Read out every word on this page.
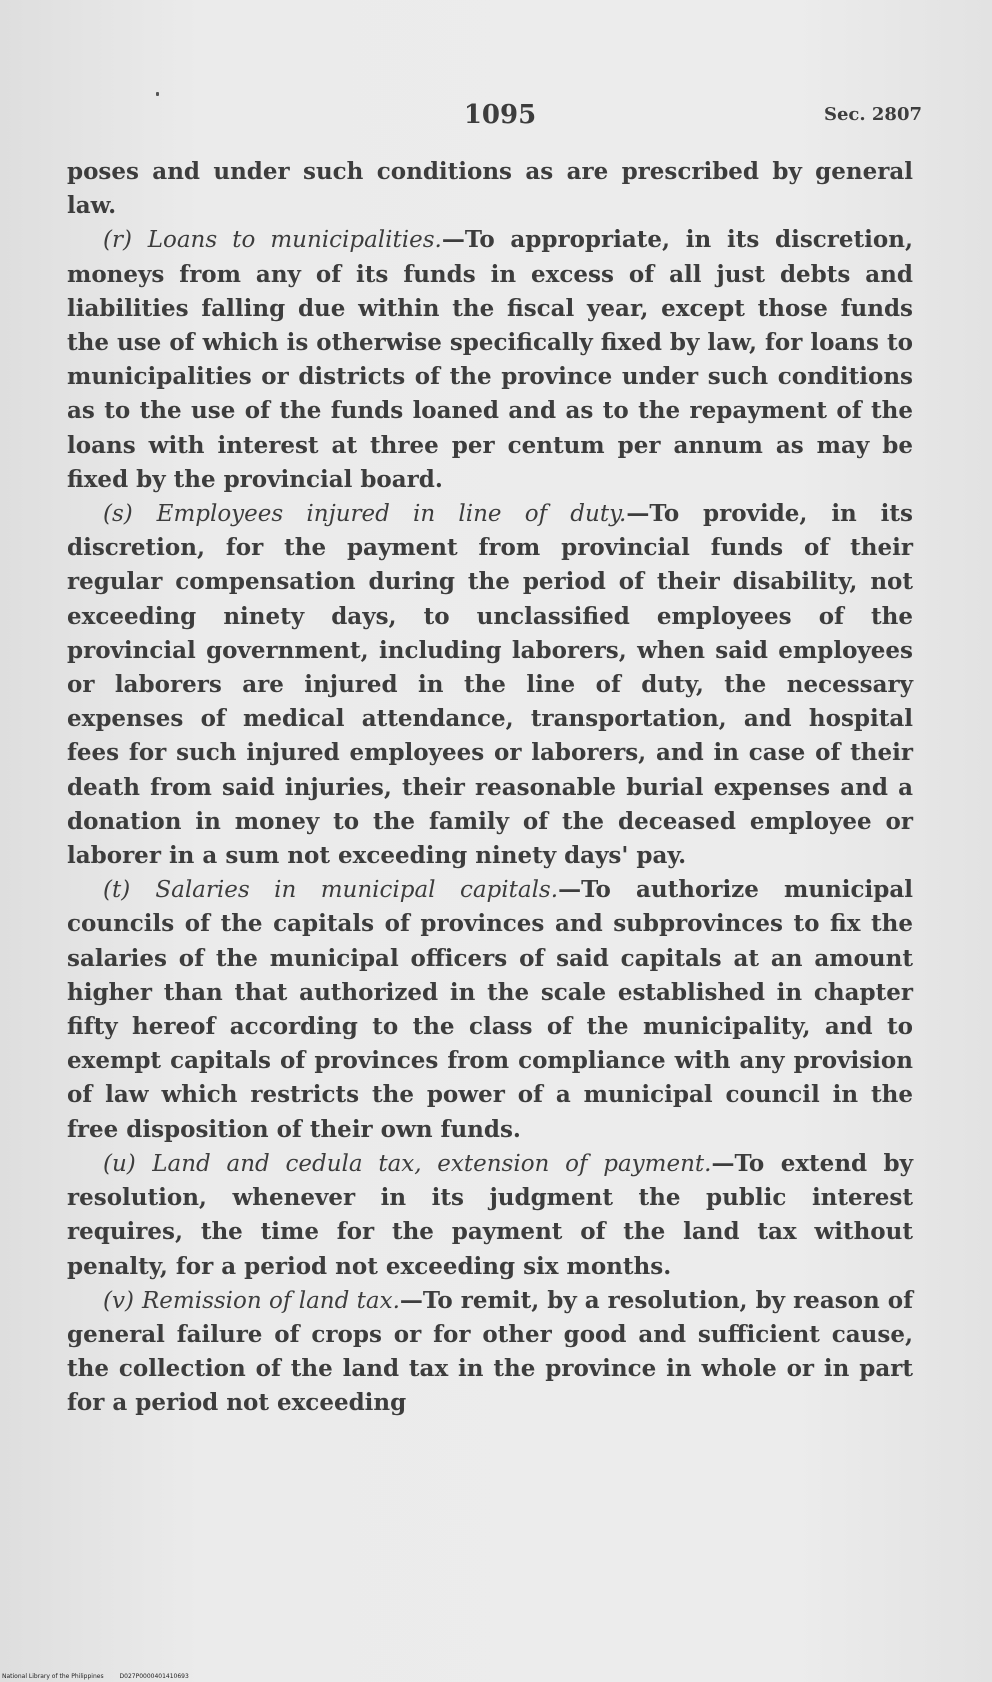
1095	Sec. 2807

poses and under such conditions as are prescribed by general law.

(r) Loans to municipalities.—To appropriate, in its discretion, moneys from any of its funds in excess of all just debts and liabilities falling due within the fiscal year, except those funds the use of which is otherwise specifically fixed by law, for loans to municipalities or districts of the province under such conditions as to the use of the funds loaned and as to the repayment of the loans with interest at three per centum per annum as may be fixed by the provincial board.

(s) Employees injured in line of duty.—To provide, in its discretion, for the payment from provincial funds of their regular compensation during the period of their disability, not exceeding ninety days, to unclassified employees of the provincial government, including laborers, when said employees or laborers are injured in the line of duty, the necessary expenses of medical attendance, transportation, and hospital fees for such injured employees or laborers, and in case of their death from said injuries, their reasonable burial expenses and a donation in money to the family of the deceased employee or laborer in a sum not exceeding ninety days' pay.

(t) Salaries in municipal capitals.—To authorize municipal councils of the capitals of provinces and subprovinces to fix the salaries of the municipal officers of said capitals at an amount higher than that authorized in the scale established in chapter fifty hereof according to the class of the municipality, and to exempt capitals of provinces from compliance with any provision of law which restricts the power of a municipal council in the free disposition of their own funds.

(u) Land and cedula tax, extension of payment.—To extend by resolution, whenever in its judgment the public interest requires, the time for the payment of the land tax without penalty, for a period not exceeding six months.

(v) Remission of land tax.—To remit, by a resolution, by reason of general failure of crops or for other good and sufficient cause, the collection of the land tax in the province in whole or in part for a period not exceeding

National Library of the Philippines	D027P0000401410693
